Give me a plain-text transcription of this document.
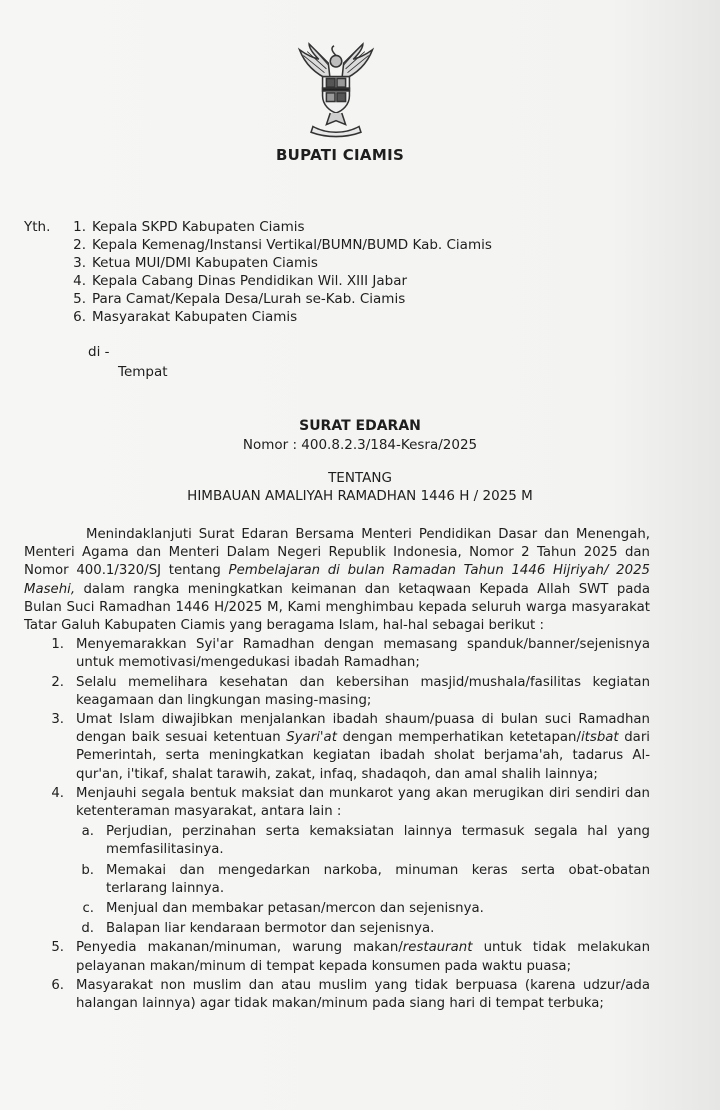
BUPATI CIAMIS
Yth.	1. Kepala SKPD Kabupaten Ciamis
2. Kepala Kemenag/Instansi Vertikal/BUMN/BUMD Kab. Ciamis
3. Ketua MUI/DMI Kabupaten Ciamis
4. Kepala Cabang Dinas Pendidikan Wil. XIII Jabar
5. Para Camat/Kepala Desa/Lurah se-Kab. Ciamis
6. Masyarakat Kabupaten Ciamis
di -
Tempat
SURAT EDARAN
Nomor : 400.8.2.3/184-Kesra/2025
TENTANG
HIMBAUAN AMALIYAH RAMADHAN 1446 H / 2025 M

Menindaklanjuti Surat Edaran Bersama Menteri Pendidikan Dasar dan Menengah, Menteri Agama dan Menteri Dalam Negeri Republik Indonesia, Nomor 2 Tahun 2025 dan Nomor 400.1/320/SJ tentang Pembelajaran di bulan Ramadan Tahun 1446 Hijriyah/ 2025 Masehi, dalam rangka meningkatkan keimanan dan ketaqwaan Kepada Allah SWT pada Bulan Suci Ramadhan 1446 H/2025 M, Kami menghimbau kepada seluruh warga masyarakat Tatar Galuh Kabupaten Ciamis yang beragama Islam, hal-hal sebagai berikut :

1. Menyemarakkan Syi'ar Ramadhan dengan memasang spanduk/banner/sejenisnya untuk memotivasi/mengedukasi ibadah Ramadhan;
2. Selalu memelihara kesehatan dan kebersihan masjid/mushala/fasilitas kegiatan keagamaan dan lingkungan masing-masing;
3. Umat Islam diwajibkan menjalankan ibadah shaum/puasa di bulan suci Ramadhan dengan baik sesuai ketentuan Syari'at dengan memperhatikan ketetapan/itsbat dari Pemerintah, serta meningkatkan kegiatan ibadah sholat berjama'ah, tadarus Al-qur'an, i'tikaf, shalat tarawih, zakat, infaq, shadaqoh, dan amal shalih lainnya;
4. Menjauhi segala bentuk maksiat dan munkarot yang akan merugikan diri sendiri dan ketenteraman masyarakat, antara lain :
a. Perjudian, perzinahan serta kemaksiatan lainnya termasuk segala hal yang memfasilitasinya.
b. Memakai dan mengedarkan narkoba, minuman keras serta obat-obatan terlarang lainnya.
c. Menjual dan membakar petasan/mercon dan sejenisnya.
d. Balapan liar kendaraan bermotor dan sejenisnya.
5. Penyedia makanan/minuman, warung makan/restaurant untuk tidak melakukan pelayanan makan/minum di tempat kepada konsumen pada waktu puasa;
6. Masyarakat non muslim dan atau muslim yang tidak berpuasa (karena udzur/ada halangan lainnya) agar tidak makan/minum pada siang hari di tempat terbuka;
